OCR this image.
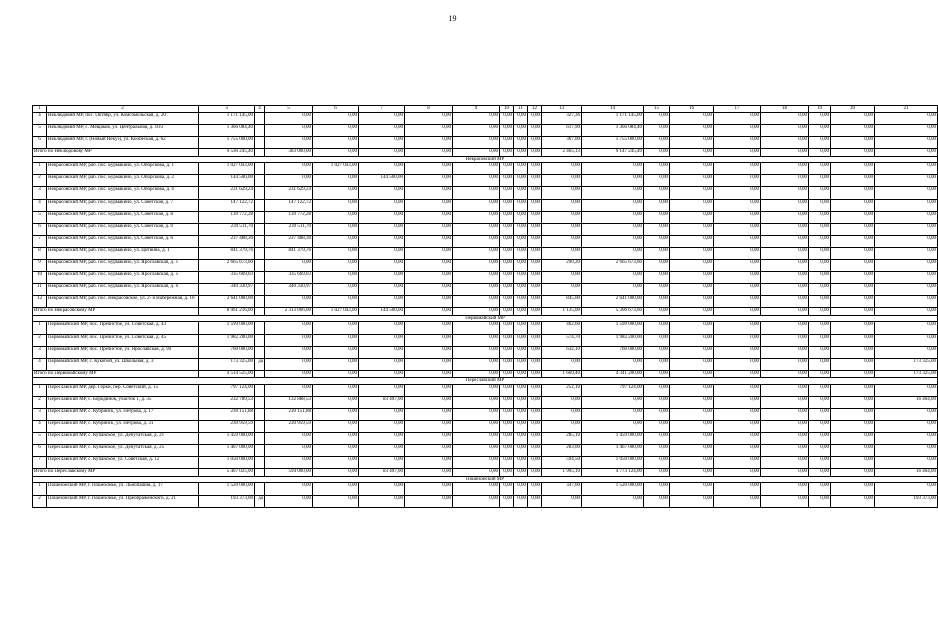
19
1	2	3	4	5	6	7	8	9	10	11	12	13	14	15	16	17	18	19	20	21
4	Неклюдовий МР, пос. Октябр, ул. Комсомольская, д. 20	1 171 145,00		0,00	0,00	0,00	0,00	0,00	0,00	0,00	0,00	327,36	1 171 145,00	0,00	0,00	0,00	0,00	0,00	0,00	0,00
5	Неклюдовий МР, с. Мещаков, ул. Центральная, д. 10/2	1 366 084,40		0,00	0,00	0,00	0,00	0,00	0,00	0,00	0,00	617,90	1 366 084,40	0,00	0,00	0,00	0,00	0,00	0,00	0,00
6	Неклюдовий МР, г. (Новый Некуз), ул. Коопеская, д. 62	1 755 000,00		0,00	0,00	0,00	0,00	0,00	0,00	0,00	0,00	367,00	1 755 000,00	0,00	0,00	0,00	0,00	0,00	0,00	0,00
Итого по Неклюдовову МР		9 530 245,40		383 000,00	0,00	0,00	0,00	0,00	0,00	0,00	0,00	2 465,13	9 147 245,40	0,00	0,00	0,00	0,00	0,00	0,00	0,00
Некрасовский МР																				
1	Некрасовский МР, раб. пос. Бурмакино, ул. Опорскова, д. 1	1 027 043,00		0,00	1 027 043,00	0,00	0,00	0,00	0,00	0,00	0,00	0,00	0,00	0,00	0,00	0,00	0,00	0,00	0,00	0,00
2	Некрасовский МР, раб. пос. Бурмакино, ул. Опорскова, д. 2	144 500,00		0,00	0,00	144 500,00	0,00	0,00	0,00	0,00	0,00	0,00	0,00	0,00	0,00	0,00	0,00	0,00	0,00	0,00
3	Некрасовский МР, раб. пос. Бурмакино, ул. Опорскова, д. 6	231 629,24		231 629,24	0,00	0,00	0,00	0,00	0,00	0,00	0,00	0,00	0,00	0,00	0,00	0,00	0,00	0,00	0,00	0,00
4	Некрасовский МР, раб. пос. Бурмакино, ул. Советская, д. 7	147 122,72		147 122,72	0,00	0,00	0,00	0,00	0,00	0,00	0,00	0,00	0,00	0,00	0,00	0,00	0,00	0,00	0,00	0,00
5	Некрасовский МР, раб. пос. Бурмакино, ул. Советская, д. 8	139 772,28		139 772,28	0,00	0,00	0,00	0,00	0,00	0,00	0,00	0,00	0,00	0,00	0,00	0,00	0,00	0,00	0,00	0,00
6	Некрасовский МР, раб. пос. Бурмакино, ул. Советская, д. 9	239 511,70		239 511,70	0,00	0,00	0,00	0,00	0,00	0,00	0,00	0,00	0,00	0,00	0,00	0,00	0,00	0,00	0,00	0,00
7	Некрасовский МР, раб. пос. Бурмакино, ул. Советская, д. 6	237 488,30		237 488,30	0,00	0,00	0,00	0,00	0,00	0,00	0,00	0,00	0,00	0,00	0,00	0,00	0,00	0,00	0,00	0,00
8	Некрасовский МР, раб. пос. Бурмакино, ул. Цитвина, д. 1	841 379,76		841 379,76	0,00	0,00	0,00	0,00	0,00	0,00	0,00	0,00	0,00	0,00	0,00	0,00	0,00	0,00	0,00	0,00
9	Некрасовский МР, раб. пос. Бурмакино, ул. Ярославская, д. 1	2 665 673,60		0,00	0,00	0,00	0,00	0,00	0,00	0,00	0,00	290,20	2 665 673,60	0,00	0,00	0,00	0,00	0,00	0,00	0,00
10	Некрасовский МР, раб. пос. Бурмакино, ул. Ярославская, д. 5	335 669,03		335 669,03	0,00	0,00	0,00	0,00	0,00	0,00	0,00	0,00	0,00	0,00	0,00	0,00	0,00	0,00	0,00	0,00
11	Некрасовский МР, раб. пос. Бурмакино, ул. Ярославская, д. 6	340 330,97		340 330,97	0,00	0,00	0,00	0,00	0,00	0,00	0,00	0,00	0,00	0,00	0,00	0,00	0,00	0,00	0,00	0,00
12	Некрасовский МР, раб. пос. Некрасовское, ул. 2- я Набережная, д. 10	2 641 000,00		0,00	0,00	0,00	0,00	0,00	0,00	0,00	0,00	845,00	2 641 000,00	0,00	0,00	0,00	0,00	0,00	0,00	0,00
Итого по Некрасовскому МР		8 961 216,00		2 313 066,00	1 027 043,00	144 500,00	0,00	0,00	0,00	0,00	0,00	1 135,00	5 306 673,60	0,00	0,00	0,00	0,00	0,00	0,00	0,00
Первомайский МР																				
1	Первомайский МР, пос. Пречистое, ул. Советская, д. 43	1 599 000,00		0,00	0,00	0,00	0,00	0,00	0,00	0,00	0,00	462,60	1 599 000,00	0,00	0,00	0,00	0,00	0,00	0,00	0,00
2	Первомайский МР, пос. Пречистое, ул. Советская, д. 45	1 982 200,00		0,00	0,00	0,00	0,00	0,00	0,00	0,00	0,00	574,70	1 982 200,00	0,00	0,00	0,00	0,00	0,00	0,00	0,00
3	Первомайский МР, пос. Пречистое, ул. Ярославская, д. 94	760 000,00		0,00	0,00	0,00	0,00	0,00	0,00	0,00	0,00	632,10	760 000,00	0,00	0,00	0,00	0,00	0,00	0,00	0,00
4	Первомайский МР, с. Кукобой, ул. Школьная, д. 3	173 325,00	да	0,00	0,00	0,00	0,00	0,00	0,00	0,00	0,00	0,00	0,00	0,00	0,00	0,00	0,00	0,00	0,00	173 325,00
Итого по Первомайскому МР		4 514 525,00		0,00	0,00	0,00	0,00	0,00	0,00	0,00	0,00	1 669,40	4 341 200,00	0,00	0,00	0,00	0,00	0,00	0,00	173 325,00
Переславский МР																				
1	Переславский МР, дер. Горки, пер. Советский, д. 15	797 124,00		0,00	0,00	0,00	0,00	0,00	0,00	0,00	0,00	252,10	797 124,00	0,00	0,00	0,00	0,00	0,00	0,00	0,00
2	Переславский МР, с. Бородинок, участок 1, д. 35	232 789,53		132 888,53	0,00	83 497,00	0,00	0,00	0,00	0,00	0,00	0,00	0,00	0,00	0,00	0,00	0,00	0,00	0,00	16 404,00
3	Переславский МР, с. Кубринск, ул. Петрова, д. 17	230 151,88		230 151,88	0,00	0,00	0,00	0,00	0,00	0,00	0,00	0,00	0,00	0,00	0,00	0,00	0,00	0,00	0,00	0,00
4	Переславский МР, с. Кубринск, ул. Петрова, д. 31	230 959,59		230 959,59	0,00	0,00	0,00	0,00	0,00	0,00	0,00	0,00	0,00	0,00	0,00	0,00	0,00	0,00	0,00	0,00
5	Переславский МР, с. Купанское, ул. Депутатская, д. 21	1 459 000,00		0,00	0,00	0,00	0,00	0,00	0,00	0,00	0,00	285,10	1 459 000,00	0,00	0,00	0,00	0,00	0,00	0,00	0,00
6	Переславский МР, с. Купанское, ул. Депутатская, д. 25	1 467 000,00		0,00	0,00	0,00	0,00	0,00	0,00	0,00	0,00	283,00	1 467 000,00	0,00	0,00	0,00	0,00	0,00	0,00	0,00
7	Переславский МР, с. Купанское, ул. Советская, д. 12	1 050 000,00		0,00	0,00	0,00	0,00	0,00	0,00	0,00	0,00	594,50	1 050 000,00	0,00	0,00	0,00	0,00	0,00	0,00	0,00
Итого по Переславскому МР		5 467 025,00		594 000,00	0,00	83 497,00	0,00	0,00	0,00	0,00	0,00	1 995,10	4 773 124,00	0,00	0,00	0,00	0,00	0,00	0,00	16 404,00
Пошехонский МР																				
1	Пошехонский МР, г. Пошехонье, ул. Льнопашня, д. 17	1 520 000,00		0,00	0,00	0,00	0,00	0,00	0,00	0,00	0,00	347,00	1 520 000,00	0,00	0,00	0,00	0,00	0,00	0,00	0,00
2	Пошехонский МР, г. Пошехонье, ул. Преображенского, д. 21	193 373,00	да	0,00	0,00	0,00	0,00	0,00	0,00	0,00	0,00	0,00	0,00	0,00	0,00	0,00	0,00	0,00	0,00	193 373,00
